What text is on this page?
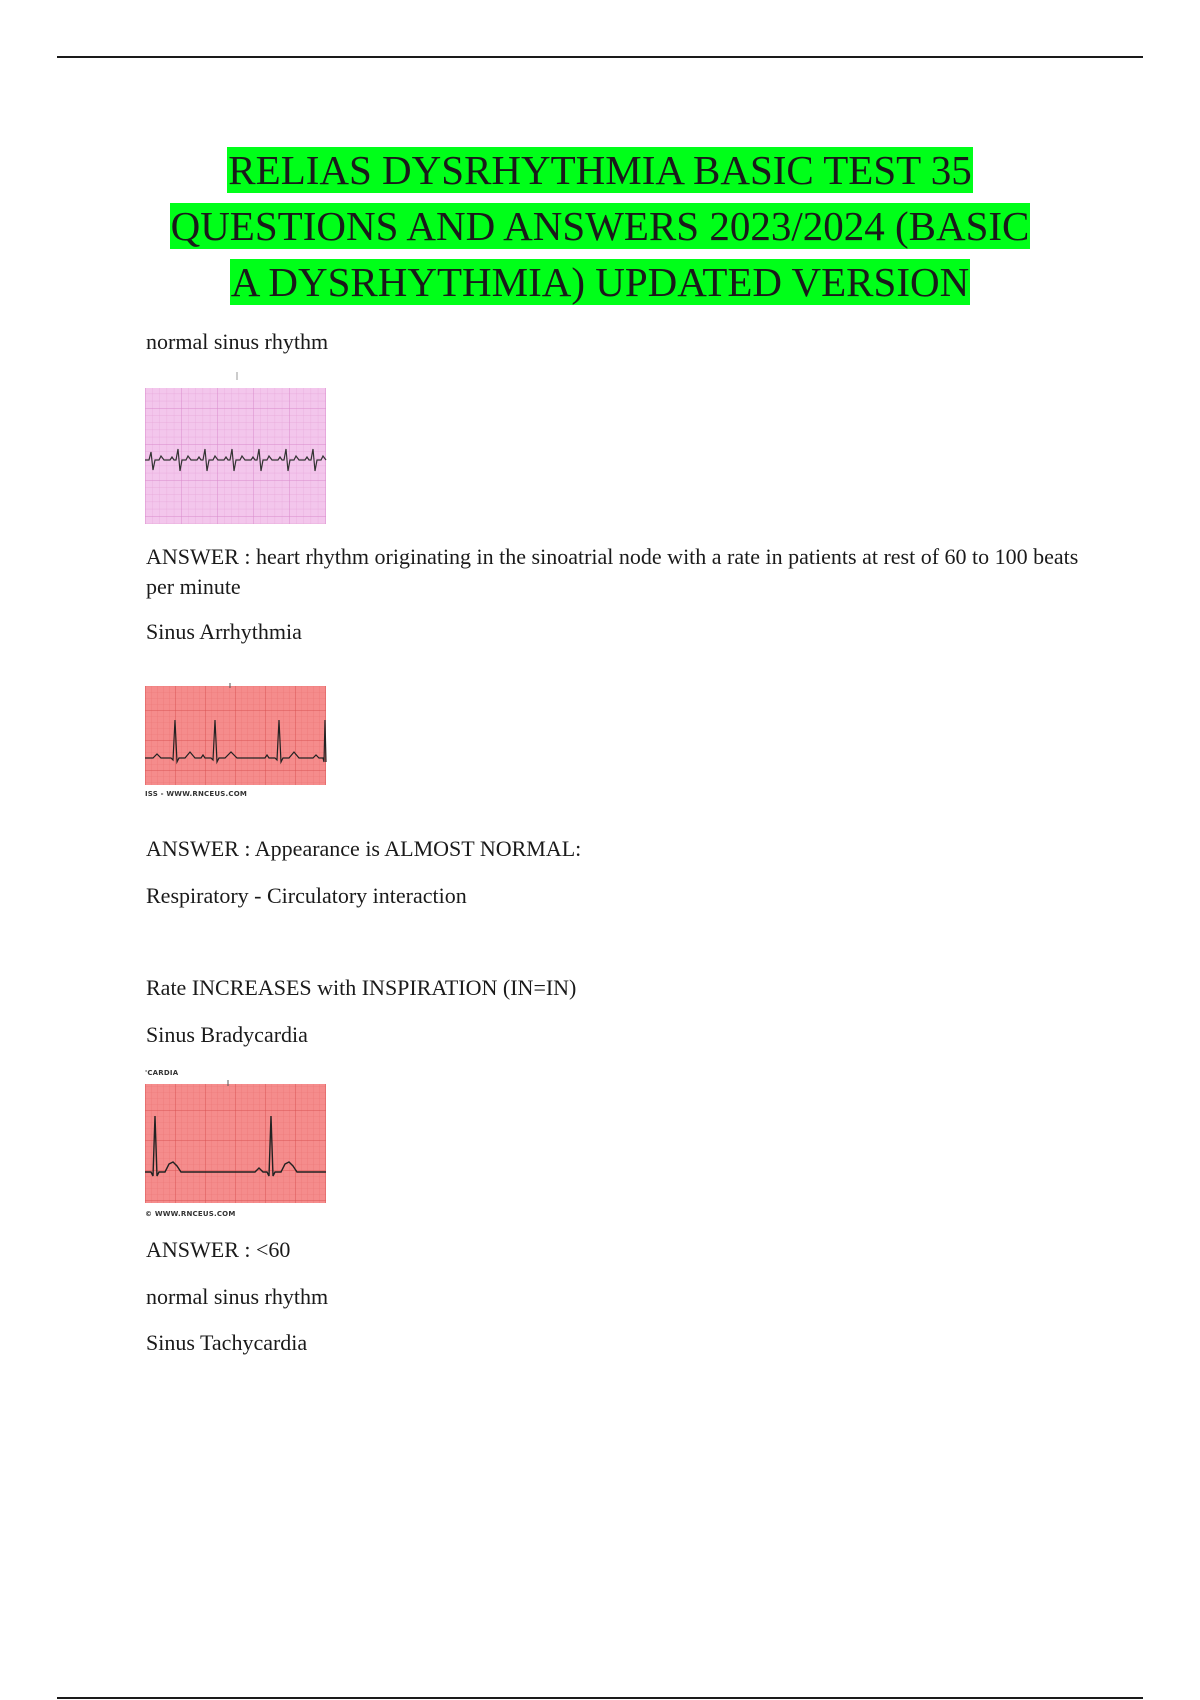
RELIAS DYSRHYTHMIA BASIC TEST 35
QUESTIONS AND ANSWERS 2023/2024 (BASIC
A DYSRHYTHMIA) UPDATED VERSION

normal sinus rhythm

ANSWER : heart rhythm originating in the sinoatrial node with a rate in patients at rest of 60 to 100 beats per minute

Sinus Arrhythmia

ISS - WWW.RNCEUS.COM

ANSWER : Appearance is ALMOST NORMAL:

Respiratory - Circulatory interaction

Rate INCREASES with INSPIRATION (IN=IN)

Sinus Bradycardia

'CARDIA
© WWW.RNCEUS.COM

ANSWER : <60

normal sinus rhythm

Sinus Tachycardia
